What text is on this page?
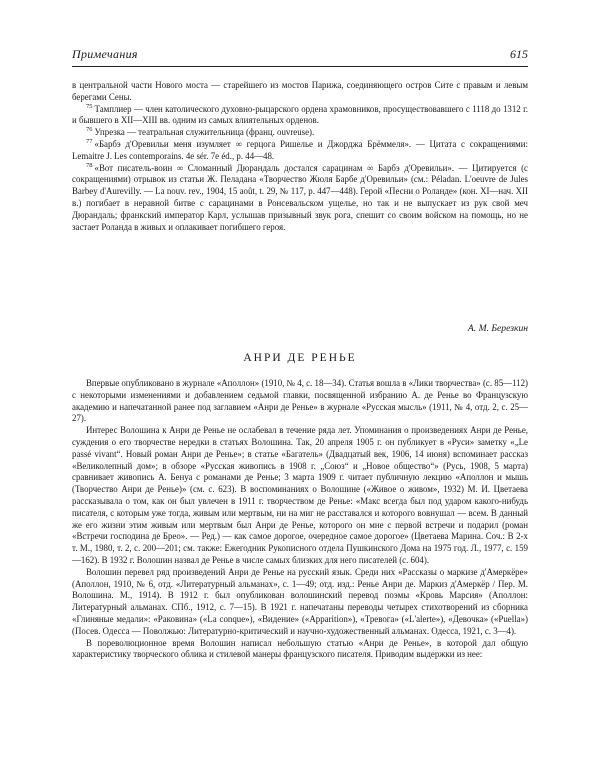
Примечания	615

в центральной части Нового моста — старейшего из мостов Парижа, соединяющего остров Сите с правым и левым берегами Сены.

$^{75}$ Тамплиер — член католического духовно-рыцарского ордена храмовников, просуществовавшего с 1118 до 1312 г. и бывшего в XII—XIII вв. одним из самых влиятельных орденов.

$^{76}$ Упрезка — театральная служительница (франц. ouvreuse).

$^{77}$ «Барбэ д'Оревильи меня изумляет ∞ герцога Ришелье и Джорджа Брёммеля». — Цитата с сокращениями: Lemaitre J. Les contemporains. 4e sér. 7e éd., p. 44—48.

$^{78}$ «Вот писатель-воин ∞ Сломанный Дюрандаль достался сарацинам ∞ Барбэ д'Оревильи». — Цитируется (с сокращениями) отрывок из статьи Ж. Пеладана «Творчество Жюля Барбе д'Оревильи» (см.: Péladan. L'oeuvre de Jules Barbey d'Aurevilly. — La nouv. rev., 1904, 15 août, t. 29, № 117, p. 447—448). Герой «Песни о Роланде» (кон. XI—нач. XII в.) погибает в неравной битве с сарацинами в Ронсевальском ущелье, но так и не выпускает из рук свой меч Дюрандаль; франкский император Карл, услышав призывный звук рога, спешит со своим войском на помощь, но не застает Роланда в живых и оплакивает погибшего героя.

А. М. Березкин
АНРИ ДЕ РЕНЬЕ

Впервые опубликовано в журнале «Аполлон» (1910, № 4, с. 18—34). Статья вошла в «Лики творчества» (с. 85—112) с некоторыми изменениями и добавлением седьмой главки, посвященной избранию А. де Ренье во Французскую академию и напечатанной ранее под заглавием «Анри де Ренье» в журнале «Русская мысль» (1911, № 4, отд. 2, с. 25—27).

Интерес Волошина к Анри де Ренье не ослабевал в течение ряда лет. Упоминания о произведениях Анри де Ренье, суждения о его творчестве нередки в статьях Волошина. Так, 20 апреля 1905 г. он публикует в «Руси» заметку «„Le passé vivant“. Новый роман Анри де Ренье»; в статье «Багатель» (Двадцатый век, 1906, 14 июня) вспоминает рассказ «Великолепный дом»; в обзоре «Русская живопись в 1908 г. „Союз“ и „Новое общество“» (Русь, 1908, 5 марта) сравнивает живопись А. Бенуа с романами де Ренье; 3 марта 1909 г. читает публичную лекцию «Аполлон и мышь (Творчество Анри де Ренье)» (см. с. 623). В воспоминаниях о Волошине («Живое о живом», 1932) М. И. Цветаева рассказывала о том, как он был увлечен в 1911 г. творчеством де Ренье: «Макс всегда был под ударом какого-нибудь писателя, с которым уже тогда, живым или мертвым, ни на миг не расставался и которого вовнушал — всем. В данный же его жизни этим живым или мертвым был Анри де Ренье, которого он мне с первой встречи и подарил (роман «Встречи господина де Брео». — Ред.) — как самое дорогое, очередное самое дорогое» (Цветаева Марина. Соч.: В 2-х т. М., 1980, т. 2, с. 200—201; см. также: Ежегодник Рукописного отдела Пушкинского Дома на 1975 год. Л., 1977, с. 159—162). В 1932 г. Волошин назвал де Ренье в числе самых близких для него писателей (с. 604).

Волошин перевел ряд произведений Анри де Ренье на русский язык. Среди них «Рассказы о маркизе д'Амеркёре» (Аполлон, 1910, № 6, отд. «Литературный альманах», с. 1—49; отд. изд.: Ренье Анри де. Маркиз д'Амеркёр / Пер. М. Волошина. М., 1914). В 1912 г. был опубликован волошинский перевод поэмы «Кровь Марсия» (Аполлон: Литературный альманах. СПб., 1912, с. 7—15). В 1921 г. напечатаны переводы четырех стихотворений из сборника «Глиняные медали»: «Раковина» («La conque»), «Видение» («Apparition»), «Тревога» («L'alerte»), «Девочка» («Puella») (Посев. Одесса — Поволжью: Литературно-критический и научно-художественный альманах. Одесса, 1921, с. 3—4).

В пореволюционное время Волошин написал небольшую статью «Анри де Ренье», в которой дал общую характеристику творческого облика и стилевой манеры французского писателя. Приводим выдержки из нее:
